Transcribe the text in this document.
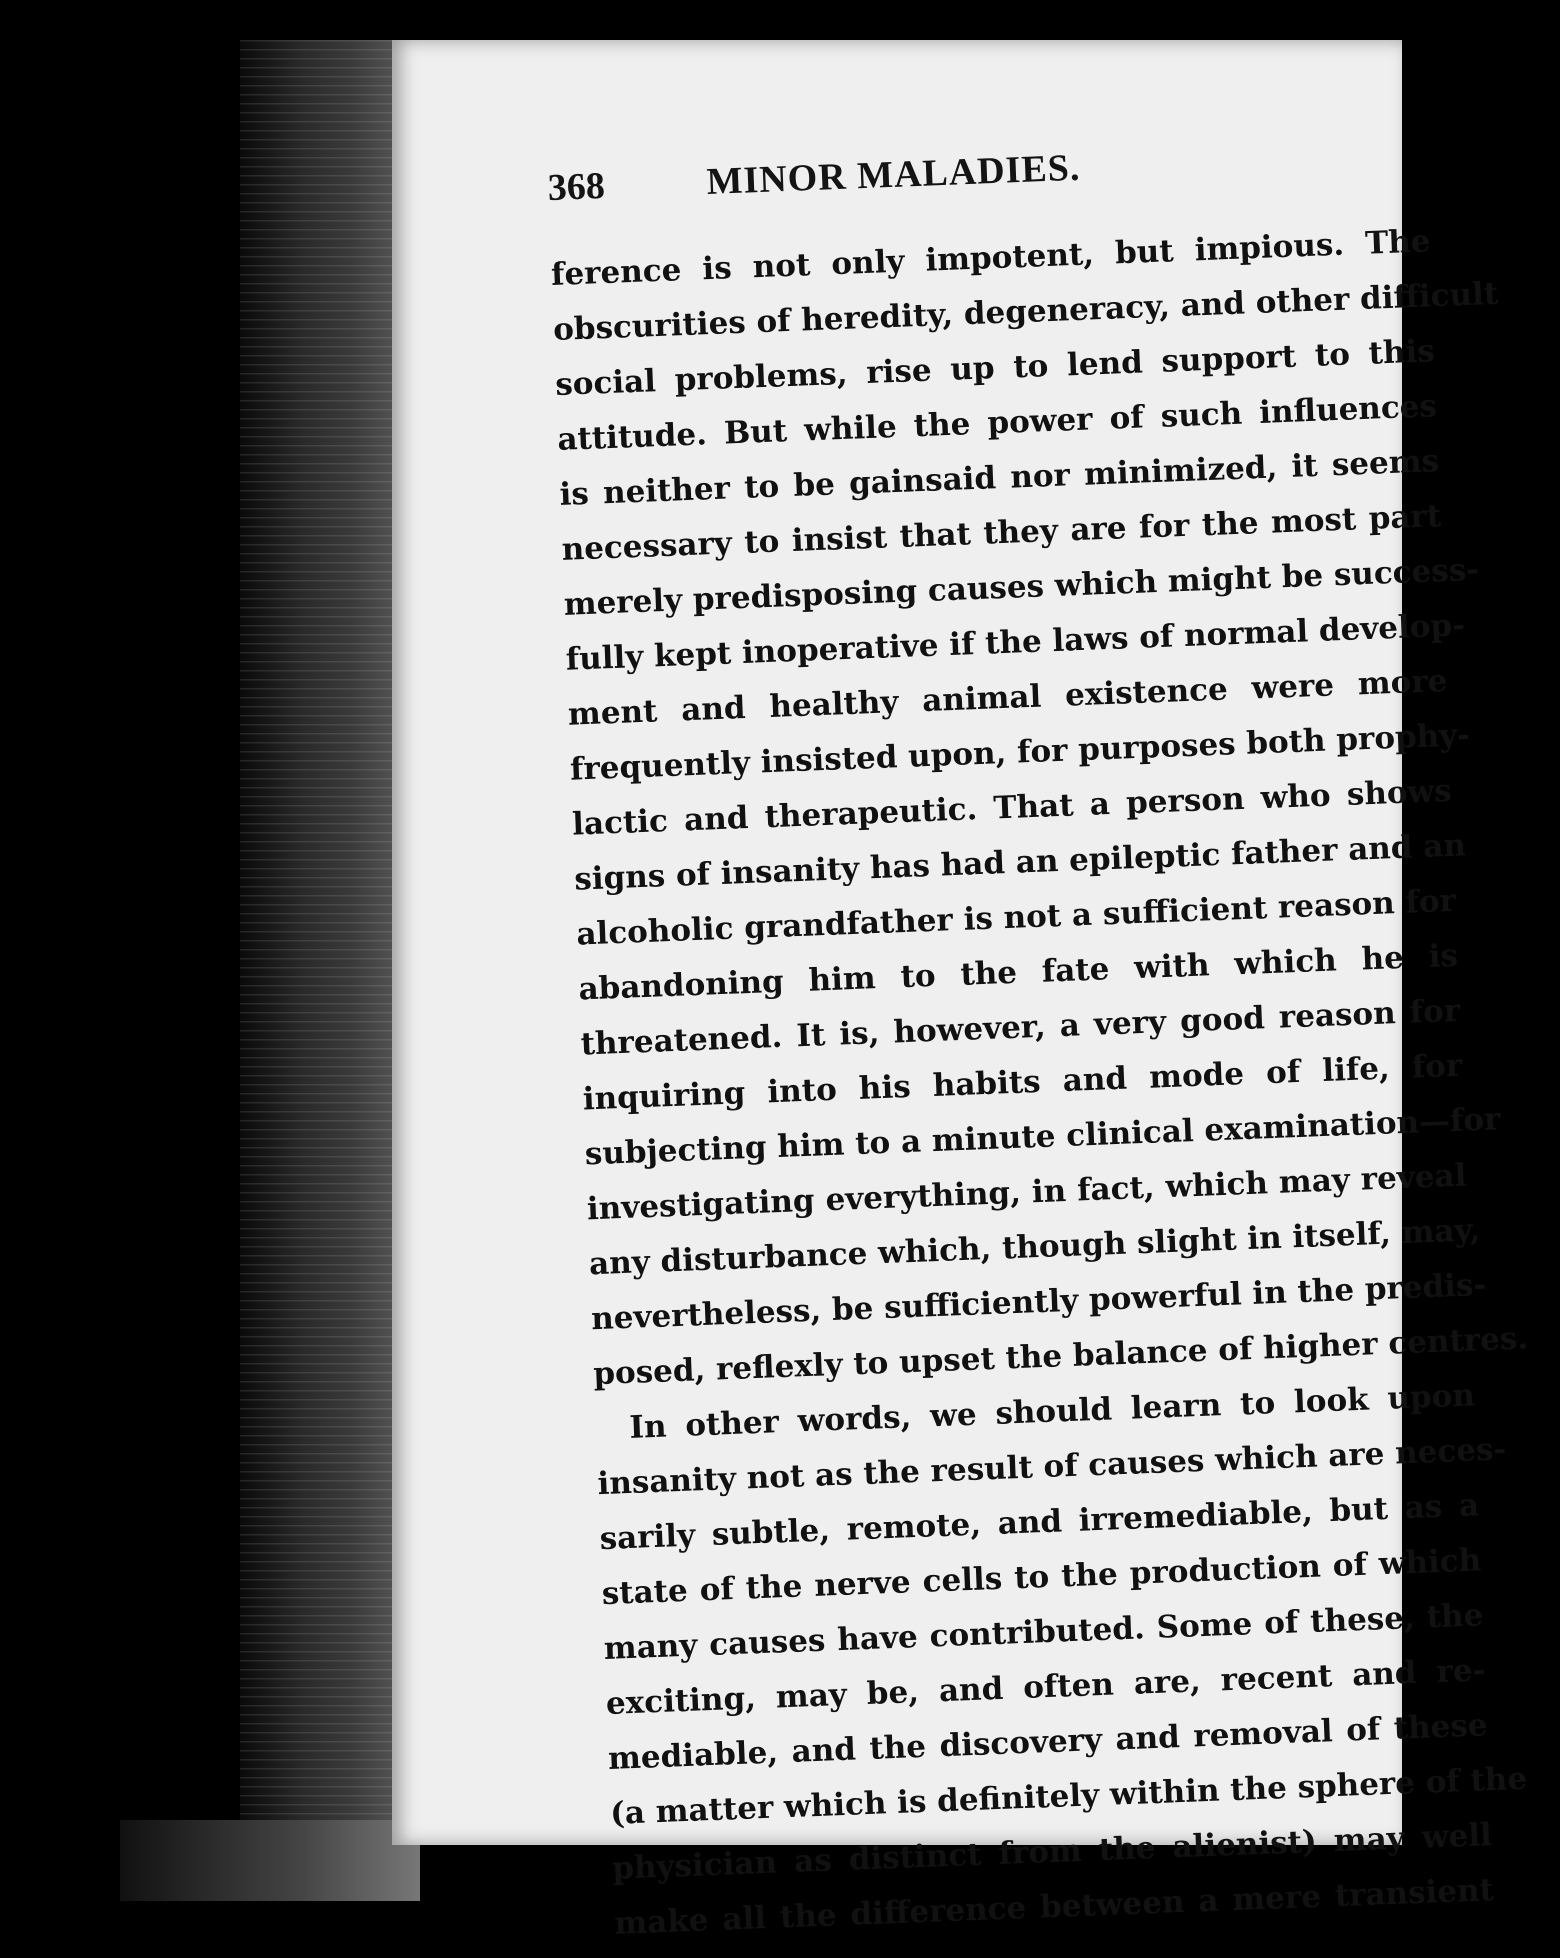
368	MINOR MALADIES.
ference is not only impotent, but impious. The
obscurities of heredity, degeneracy, and other difficult
social problems, rise up to lend support to this
attitude. But while the power of such influences
is neither to be gainsaid nor minimized, it seems
necessary to insist that they are for the most part
merely predisposing causes which might be success-
fully kept inoperative if the laws of normal develop-
ment and healthy animal existence were more
frequently insisted upon, for purposes both prophy-
lactic and therapeutic. That a person who shows
signs of insanity has had an epileptic father and an
alcoholic grandfather is not a sufficient reason for
abandoning him to the fate with which he is
threatened. It is, however, a very good reason for
inquiring into his habits and mode of life, for
subjecting him to a minute clinical examination—for
investigating everything, in fact, which may reveal
any disturbance which, though slight in itself, may,
nevertheless, be sufficiently powerful in the predis-
posed, reflexly to upset the balance of higher centres.
In other words, we should learn to look upon
insanity not as the result of causes which are neces-
sarily subtle, remote, and irremediable, but as a
state of the nerve cells to the production of which
many causes have contributed. Some of these, the
exciting, may be, and often are, recent and re-
mediable, and the discovery and removal of these
(a matter which is definitely within the sphere of the
physician as distinct from the alienist) may well
make all the difference between a mere transient
